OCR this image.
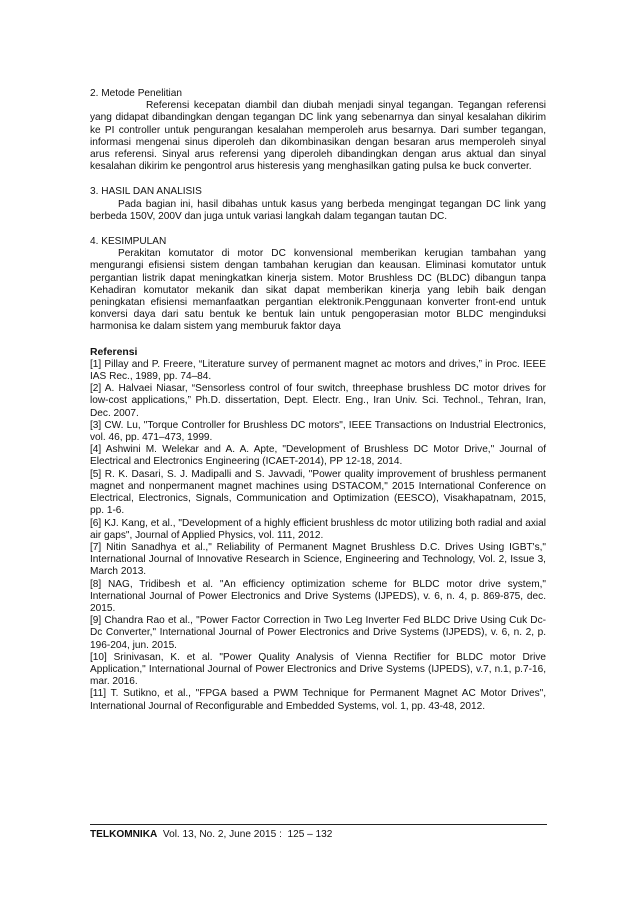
2. Metode Penelitian

Referensi kecepatan diambil dan diubah menjadi sinyal tegangan. Tegangan referensi yang didapat dibandingkan dengan tegangan DC link yang sebenarnya dan sinyal kesalahan dikirim ke PI controller untuk pengurangan kesalahan memperoleh arus besarnya. Dari sumber tegangan, informasi mengenai sinus diperoleh dan dikombinasikan dengan besaran arus memperoleh sinyal arus referensi. Sinyal arus referensi yang diperoleh dibandingkan dengan arus aktual dan sinyal kesalahan dikirim ke pengontrol arus histeresis yang menghasilkan gating pulsa ke buck converter.

3. HASIL DAN ANALISIS

Pada bagian ini, hasil dibahas untuk kasus yang berbeda mengingat tegangan DC link yang berbeda 150V, 200V dan juga untuk variasi langkah dalam tegangan tautan DC.

4. KESIMPULAN

Perakitan komutator di motor DC konvensional memberikan kerugian tambahan yang mengurangi efisiensi sistem dengan tambahan kerugian dan keausan. Eliminasi komutator untuk pergantian listrik dapat meningkatkan kinerja sistem. Motor Brushless DC (BLDC) dibangun tanpa Kehadiran komutator mekanik dan sikat dapat memberikan kinerja yang lebih baik dengan peningkatan efisiensi memanfaatkan pergantian elektronik.Penggunaan konverter front-end untuk konversi daya dari satu bentuk ke bentuk lain untuk pengoperasian motor BLDC menginduksi harmonisa ke dalam sistem yang memburuk faktor daya

Referensi

[1] Pillay and P. Freere, “Literature survey of permanent magnet ac motors and drives,” in Proc. IEEE IAS Rec., 1989, pp. 74–84.

[2] A. Halvaei Niasar, “Sensorless control of four switch, threephase brushless DC motor drives for low-cost applications,” Ph.D. dissertation, Dept. Electr. Eng., Iran Univ. Sci. Technol., Tehran, Iran, Dec. 2007.

[3] CW. Lu, "Torque Controller for Brushless DC motors", IEEE Transactions on Industrial Electronics, vol. 46, pp. 471–473, 1999.

[4] Ashwini M. Welekar and A. A. Apte, "Development of Brushless DC Motor Drive," Journal of Electrical and Electronics Engineering (ICAET-2014), PP 12-18, 2014.

[5] R. K. Dasari, S. J. Madipalli and S. Javvadi, "Power quality improvement of brushless permanent magnet and nonpermanent magnet machines using DSTACOM," 2015 International Conference on Electrical, Electronics, Signals, Communication and Optimization (EESCO), Visakhapatnam, 2015, pp. 1-6.

[6] KJ. Kang, et al., "Development of a highly efficient brushless dc motor utilizing both radial and axial air gaps", Journal of Applied Physics, vol. 111, 2012.

[7] Nitin Sanadhya et al.," Reliability of Permanent Magnet Brushless D.C. Drives Using IGBT's," International Journal of Innovative Research in Science, Engineering and Technology, Vol. 2, Issue 3, March 2013.

[8] NAG, Tridibesh et al. "An efficiency optimization scheme for BLDC motor drive system," International Journal of Power Electronics and Drive Systems (IJPEDS), v. 6, n. 4, p. 869-875, dec. 2015.

[9] Chandra Rao et al., "Power Factor Correction in Two Leg Inverter Fed BLDC Drive Using Cuk Dc-Dc Converter," International Journal of Power Electronics and Drive Systems (IJPEDS), v. 6, n. 2, p. 196-204, jun. 2015.

[10] Srinivasan, K. et al. "Power Quality Analysis of Vienna Rectifier for BLDC motor Drive Application," International Journal of Power Electronics and Drive Systems (IJPEDS), v.7, n.1, p.7-16, mar. 2016.

[11] T. Sutikno, et al., "FPGA based a PWM Technique for Permanent Magnet AC Motor Drives", International Journal of Reconfigurable and Embedded Systems, vol. 1, pp. 43-48, 2012.

TELKOMNIKA  Vol. 13, No. 2, June 2015 :  125 – 132
